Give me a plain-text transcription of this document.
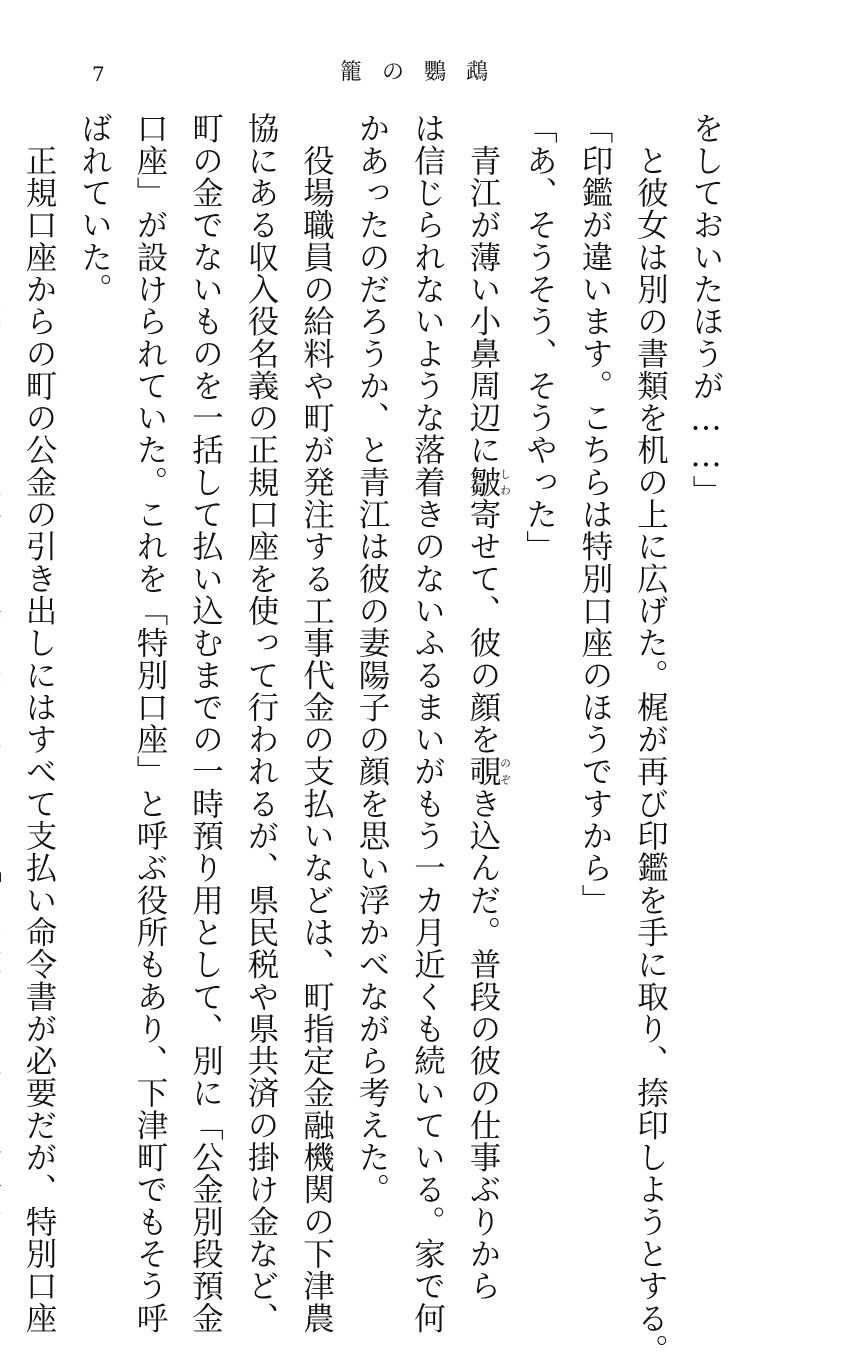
7	籠の鸚鵡
をしておいたほうが……」
　と彼女は別の書類を机の上に広げた。梶が再び印鑑を手に取り、捺印しようとする。
「印鑑が違います。こちらは特別口座のほうですから」
「あ、そうそう、そうやった」
　青江が薄い小鼻周辺に皺しわ寄せて、彼の顔を覗のぞき込んだ。普段の彼の仕事ぶりから
は信じられないような落着きのないふるまいがもう一カ月近くも続いている。家で何
かあったのだろうか、と青江は彼の妻陽子の顔を思い浮かべながら考えた。
　役場職員の給料や町が発注する工事代金の支払いなどは、町指定金融機関の下津農
協にある収入役名義の正規口座を使って行われるが、県民税や県共済の掛け金など、
町の金でないものを一括して払い込むまでの一時預り用として、別に「公金別段預金
口座」が設けられていた。これを「特別口座」と呼ぶ役所もあり、下津町でもそう呼
ばれていた。
　正規口座からの町の公金の引き出しにはすべて支払い命令書が必要だが、特別口座
